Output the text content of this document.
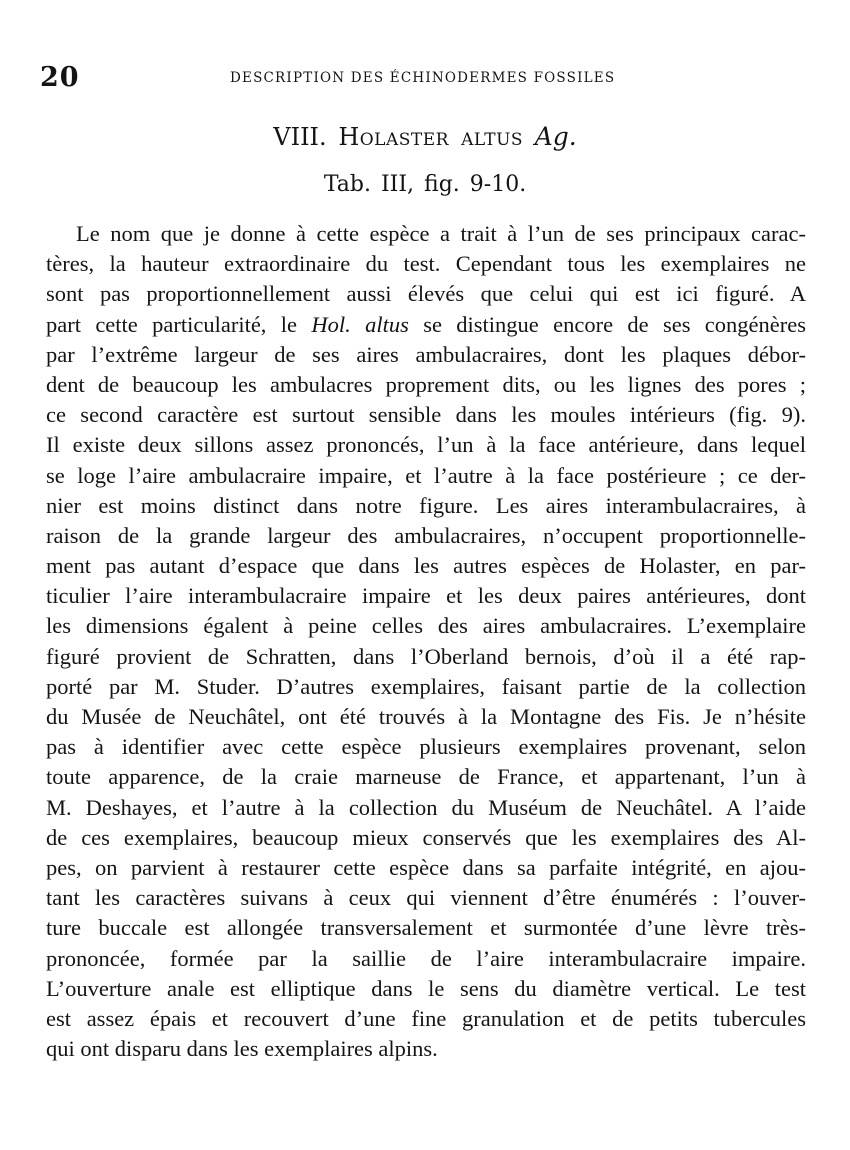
20	DESCRIPTION DES ÉCHINODERMES FOSSILES
VIII. Holaster altus Ag.
Tab. III, fig. 9-10.
Le nom que je donne à cette espèce a trait à l’un de ses principaux carac-
tères, la hauteur extraordinaire du test. Cependant tous les exemplaires ne
sont pas proportionnellement aussi élevés que celui qui est ici figuré. A
part cette particularité, le Hol. altus se distingue encore de ses congénères
par l’extrême largeur de ses aires ambulacraires, dont les plaques débor-
dent de beaucoup les ambulacres proprement dits, ou les lignes des pores ;
ce second caractère est surtout sensible dans les moules intérieurs (fig. 9).
Il existe deux sillons assez prononcés, l’un à la face antérieure, dans lequel
se loge l’aire ambulacraire impaire, et l’autre à la face postérieure ; ce der-
nier est moins distinct dans notre figure. Les aires interambulacraires, à
raison de la grande largeur des ambulacraires, n’occupent proportionnelle-
ment pas autant d’espace que dans les autres espèces de Holaster, en par-
ticulier l’aire interambulacraire impaire et les deux paires antérieures, dont
les dimensions égalent à peine celles des aires ambulacraires. L’exemplaire
figuré provient de Schratten, dans l’Oberland bernois, d’où il a été rap-
porté par M. Studer. D’autres exemplaires, faisant partie de la collection
du Musée de Neuchâtel, ont été trouvés à la Montagne des Fis. Je n’hésite
pas à identifier avec cette espèce plusieurs exemplaires provenant, selon
toute apparence, de la craie marneuse de France, et appartenant, l’un à
M. Deshayes, et l’autre à la collection du Muséum de Neuchâtel. A l’aide
de ces exemplaires, beaucoup mieux conservés que les exemplaires des Al-
pes, on parvient à restaurer cette espèce dans sa parfaite intégrité, en ajou-
tant les caractères suivans à ceux qui viennent d’être énumérés : l’ouver-
ture buccale est allongée transversalement et surmontée d’une lèvre très-
prononcée, formée par la saillie de l’aire interambulacraire impaire.
L’ouverture anale est elliptique dans le sens du diamètre vertical. Le test
est assez épais et recouvert d’une fine granulation et de petits tubercules
qui ont disparu dans les exemplaires alpins.
